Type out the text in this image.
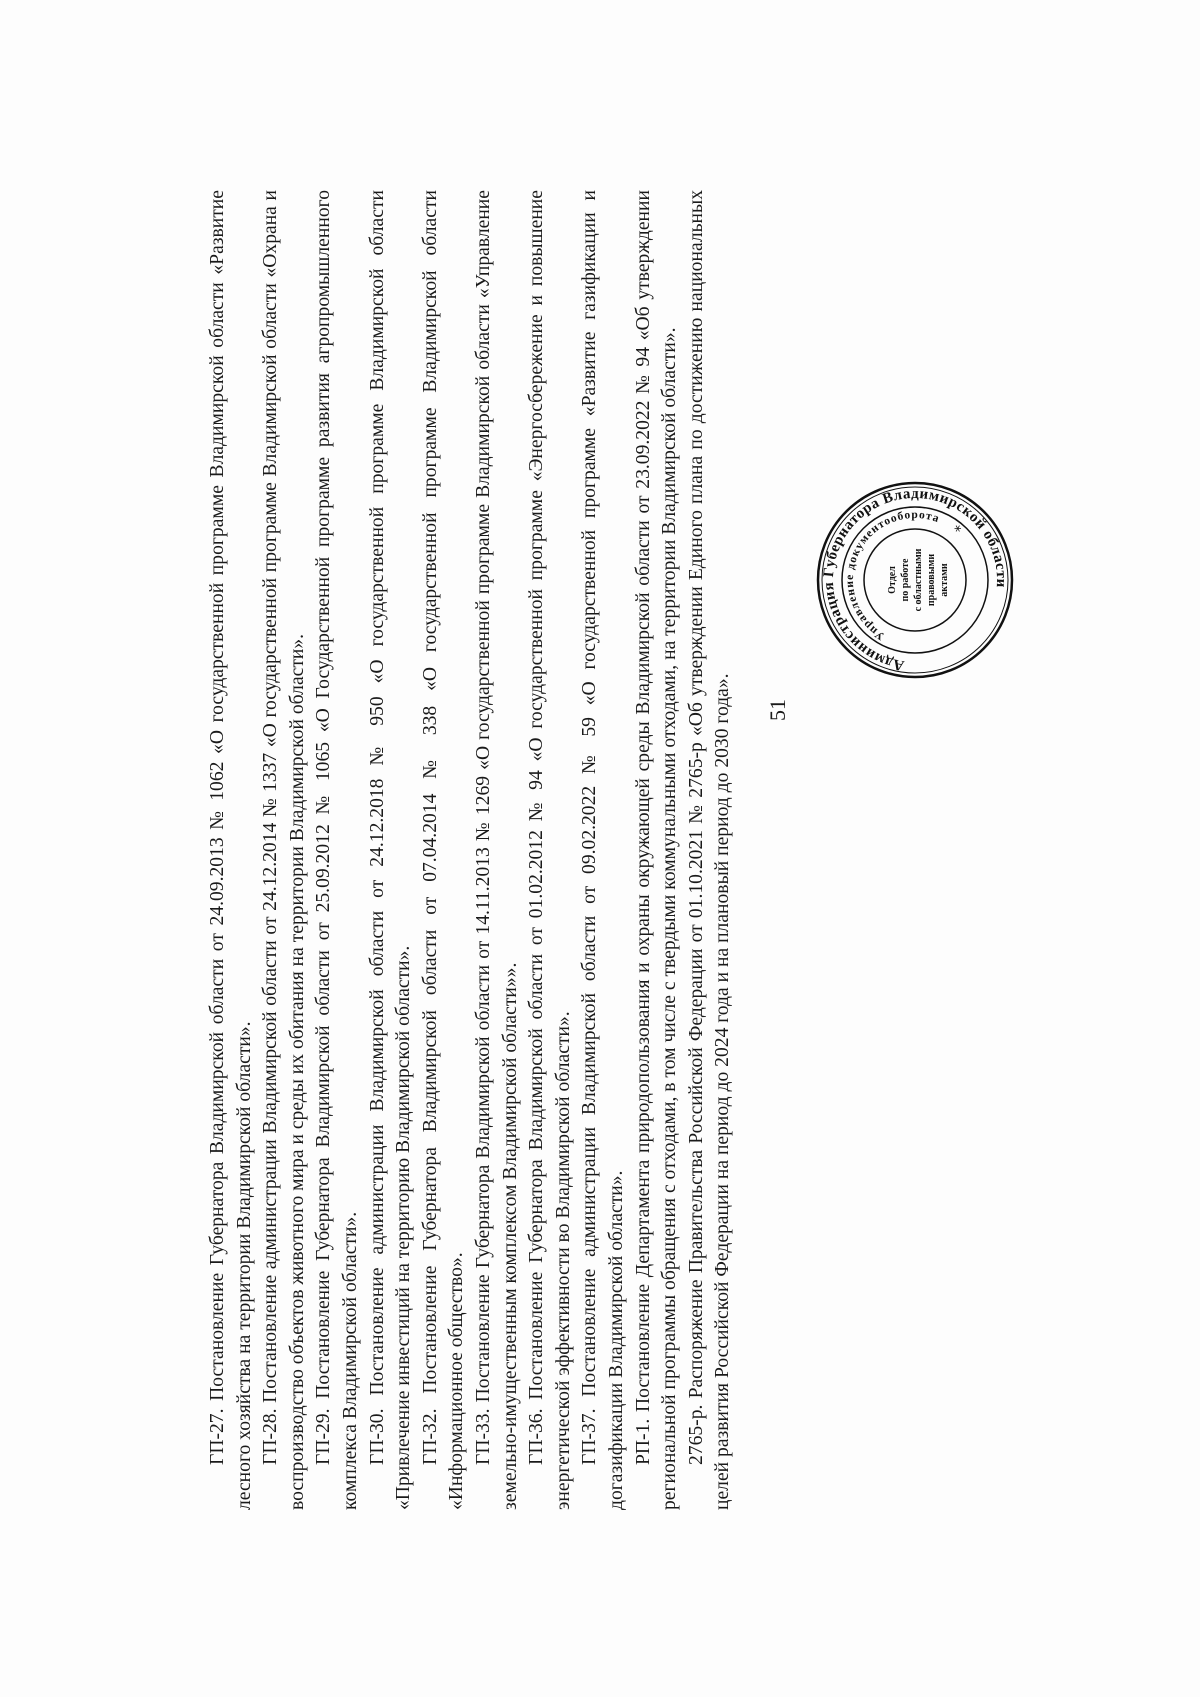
ГП-27. Постановление Губернатора Владимирской области от 24.09.2013 № 1062 «О государственной программе Владимирской области «Развитие лесного хозяйства на территории Владимирской области». ГП-28. Постановление администрации Владимирской области от 24.12.2014 № 1337 «О государственной программе Владимирской области «Охрана и воспроизводство объектов животного мира и среды их обитания на территории Владимирской области». ГП-29. Постановление Губернатора Владимирской области от 25.09.2012 № 1065 «О Государственной программе развития агропромышленного комплекса Владимирской области». ГП-30. Постановление администрации Владимирской области от 24.12.2018 № 950 «О государственной программе Владимирской области «Привлечение инвестиций на территорию Владимирской области». ГП-32. Постановление Губернатора Владимирской области от 07.04.2014 № 338 «О государственной программе Владимирской области «Информационное общество». ГП-33. Постановление Губернатора Владимирской области от 14.11.2013 № 1269 «О государственной программе Владимирской области «Управление земельно-имущественным комплексом Владимирской области»». ГП-36. Постановление Губернатора Владимирской области от 01.02.2012 № 94 «О государственной программе «Энергосбережение и повышение энергетической эффективности во Владимирской области». ГП-37. Постановление администрации Владимирской области от 09.02.2022 № 59 «О государственной программе «Развитие газификации и догазификации Владимирской области». РП-1. Постановление Департамента природопользования и охраны окружающей среды Владимирской области от 23.09.2022 № 94 «Об утверждении региональной программы обращения с отходами, в том числе с твердыми коммунальными отходами, на территории Владимирской области». 2765-р. Распоряжение Правительства Российской Федерации от 01.10.2021 № 2765-р «Об утверждении Единого плана по достижению национальных целей развития Российской Федерации на период до 2024 года и на плановый период до 2030 года». 51
Администрация Губернатора Владимирской области
Управление документооборота
*
Отдел по работе с областными правовыми актами
